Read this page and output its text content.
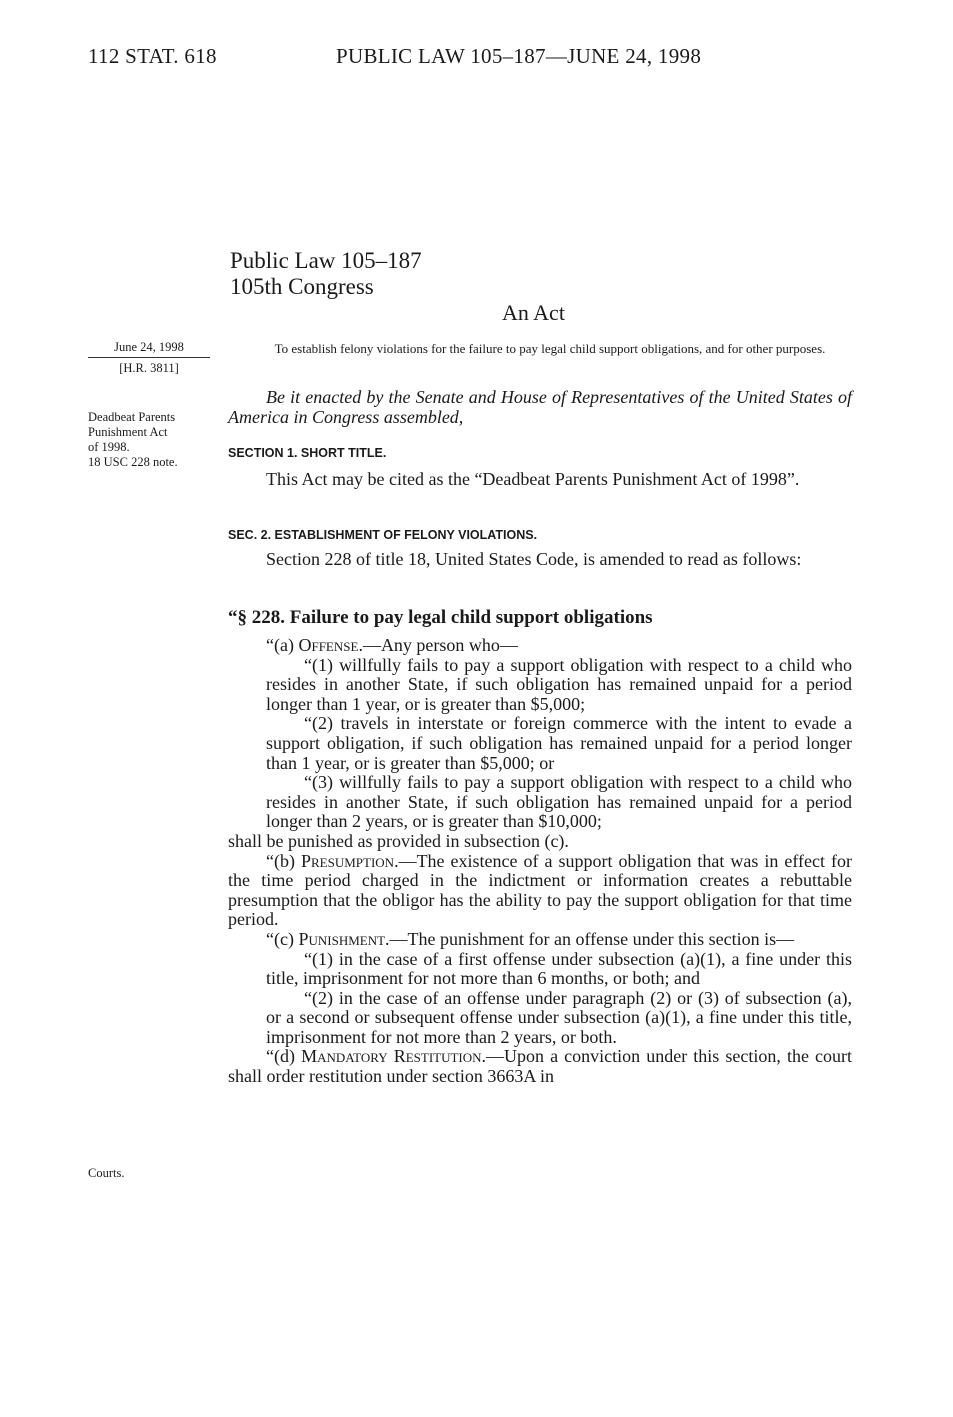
112 STAT. 618	PUBLIC LAW 105–187—JUNE 24, 1998
Public Law 105–187
105th Congress
An Act
June 24, 1998
[H.R. 3811]
Deadbeat Parents
Punishment Act
of 1998.
18 USC 228 note.
Courts.
To establish felony violations for the failure to pay legal child support obligations, and for other purposes.
Be it enacted by the Senate and House of Representatives of the United States of America in Congress assembled,
SECTION 1. SHORT TITLE.
This Act may be cited as the “Deadbeat Parents Punishment Act of 1998”.
SEC. 2. ESTABLISHMENT OF FELONY VIOLATIONS.
Section 228 of title 18, United States Code, is amended to read as follows:
“§ 228. Failure to pay legal child support obligations

“(a) Offense.—Any person who—

“(1) willfully fails to pay a support obligation with respect to a child who resides in another State, if such obligation has remained unpaid for a period longer than 1 year, or is greater than $5,000;

“(2) travels in interstate or foreign commerce with the intent to evade a support obligation, if such obligation has remained unpaid for a period longer than 1 year, or is greater than $5,000; or

“(3) willfully fails to pay a support obligation with respect to a child who resides in another State, if such obligation has remained unpaid for a period longer than 2 years, or is greater than $10,000;

shall be punished as provided in subsection (c).

“(b) Presumption.—The existence of a support obligation that was in effect for the time period charged in the indictment or information creates a rebuttable presumption that the obligor has the ability to pay the support obligation for that time period.

“(c) Punishment.—The punishment for an offense under this section is—

“(1) in the case of a first offense under subsection (a)(1), a fine under this title, imprisonment for not more than 6 months, or both; and

“(2) in the case of an offense under paragraph (2) or (3) of subsection (a), or a second or subsequent offense under subsection (a)(1), a fine under this title, imprisonment for not more than 2 years, or both.

“(d) Mandatory Restitution.—Upon a conviction under this section, the court shall order restitution under section 3663A in
